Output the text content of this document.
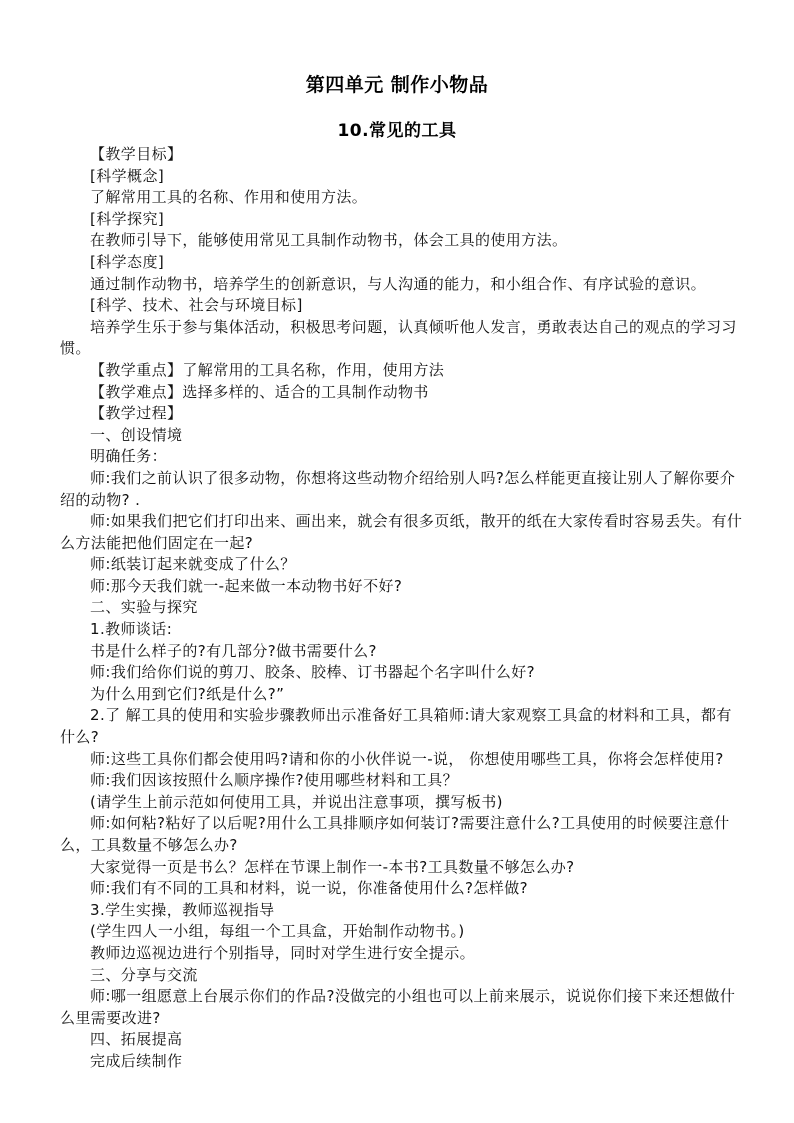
第四单元 制作小物品
10.常见的工具
【教学目标】
[科学概念]
了解常用工具的名称、作用和使用方法。
[科学探究]
在教师引导下，能够使用常见工具制作动物书，体会工具的使用方法。
[科学态度]
通过制作动物书，培养学生的创新意识，与人沟通的能力，和小组合作、有序试验的意识。
[科学、技术、社会与环境目标]
培养学生乐于参与集体活动，积极思考问题，认真倾听他人发言，勇敢表达自己的观点的学习习惯。
【教学重点】了解常用的工具名称，作用，使用方法
【教学难点】选择多样的、适合的工具制作动物书
【教学过程】
一、创设情境
明确任务：
师:我们之前认识了很多动物，你想将这些动物介绍给别人吗?怎么样能更直接让别人了解你要介绍的动物? .
师:如果我们把它们打印出来、画出来，就会有很多页纸，散开的纸在大家传看时容易丢失。有什么方法能把他们固定在一起?
师:纸装订起来就变成了什么？
师:那今天我们就一-起来做一本动物书好不好?
二、实验与探究
1.教师谈话:
书是什么样子的?有几部分?做书需要什么?
师:我们给你们说的剪刀、胶条、胶棒、订书器起个名字叫什么好?
为什么用到它们?纸是什么?”
2.了 解工具的使用和实验步骤教师出示准备好工具箱师:请大家观察工具盒的材料和工具，都有什么?
师:这些工具你们都会使用吗?请和你的小伙伴说一-说， 你想使用哪些工具，你将会怎样使用?
师:我们因该按照什么顺序操作?使用哪些材料和工具？
(请学生上前示范如何使用工具，并说出注意事项，撰写板书)
师:如何粘?粘好了以后呢?用什么工具排顺序如何装订?需要注意什么?工具使用的时候要注意什么，工具数量不够怎么办?
大家觉得一页是书么？怎样在节课上制作一-本书?工具数量不够怎么办?
师:我们有不同的工具和材料，说一说，你准备使用什么?怎样做?
3.学生实操，教师巡视指导
(学生四人一小组，每组一个工具盒，开始制作动物书。)
教师边巡视边进行个别指导，同时对学生进行安全提示。
三、分享与交流
师:哪一组愿意上台展示你们的作品?没做完的小组也可以上前来展示，说说你们接下来还想做什么里需要改进?
四、拓展提高
完成后续制作
